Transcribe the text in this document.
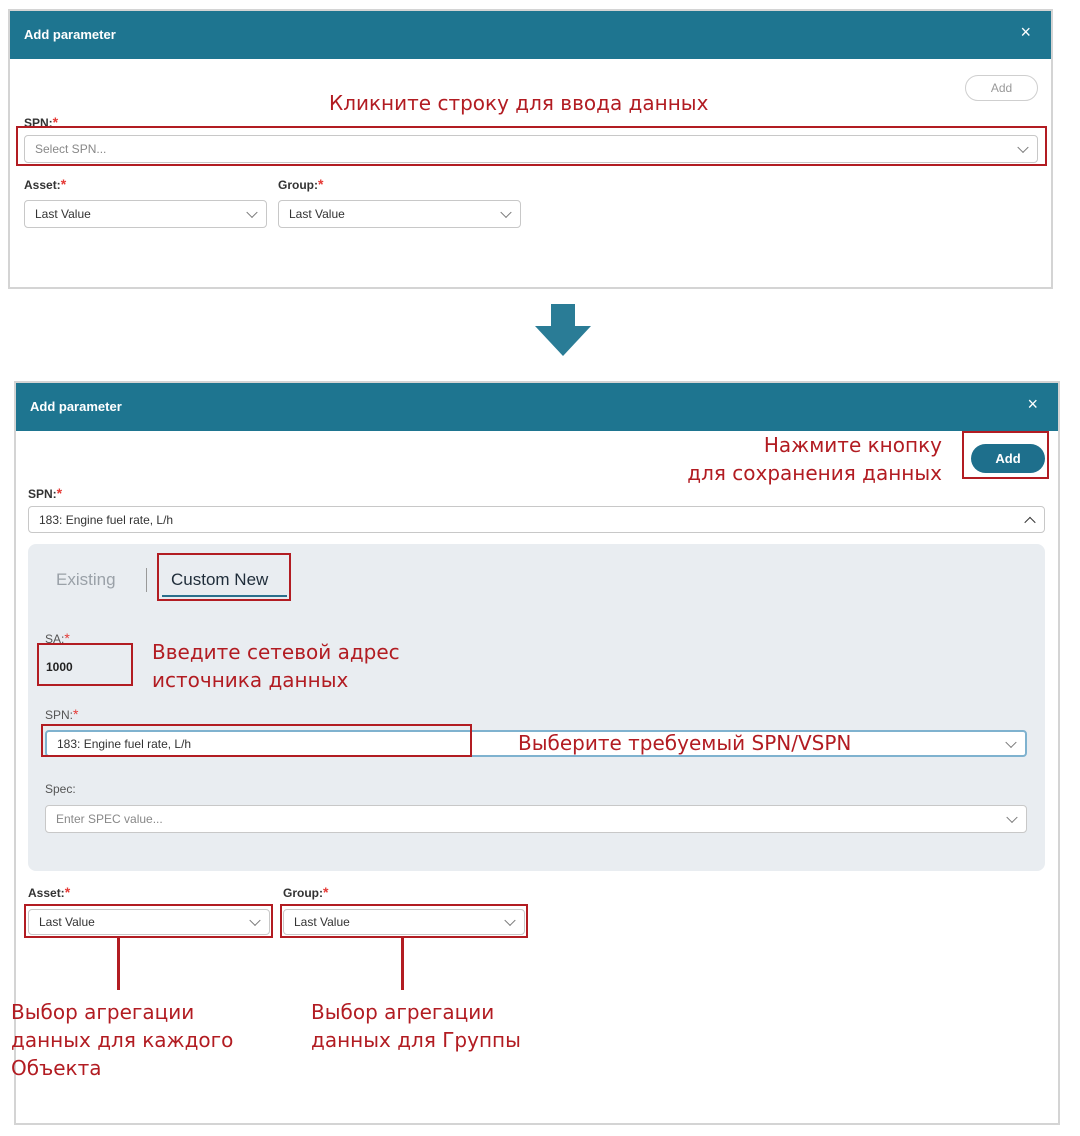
Add parameter	×
Add
SPN:*
Select SPN...
Asset:*
Last Value
Group:*
Last Value
Кликните строку для ввода данных
Add parameter	×
Add
SPN:*
183: Engine fuel rate, L/h
Existing	Custom New
SA:*
1000
SPN:*
183: Engine fuel rate, L/h
Spec:
Enter SPEC value...
Asset:*
Last Value
Group:*
Last Value
Нажмите кнопку
для сохранения данных
Введите сетевой адрес
источника данных
Выберите требуемый SPN/VSPN
Выбор агрегации
данных для каждого
Объекта
Выбор агрегации
данных для Группы
